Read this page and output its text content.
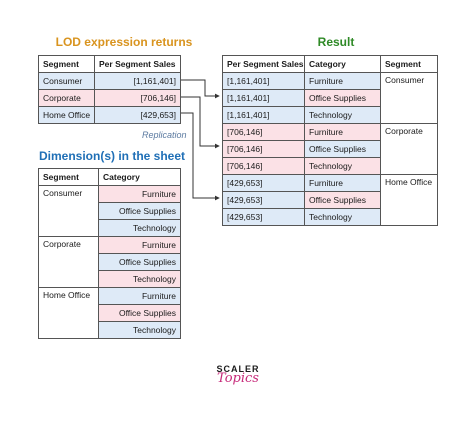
LOD expression returns	Result
Dimension(s) in the sheet
Replication
Segment	Per Segment Sales
Consumer	[1,161,401]
Corporate	[706,146]
Home Office	[429,653]
Segment	Category
Consumer	Furniture
	Office Supplies
	Technology
Corporate	Furniture
	Office Supplies
	Technology
Home Office	Furniture
	Office Supplies
	Technology
Per Segment Sales	Category	Segment
[1,161,401]	Furniture	Consumer
[1,161,401]	Office Supplies	
[1,161,401]	Technology	
[706,146]	Furniture	Corporate
[706,146]	Office Supplies	
[706,146]	Technology	
[429,653]	Furniture	Home Office
[429,653]	Office Supplies	
[429,653]	Technology	
SCALER
Topics
